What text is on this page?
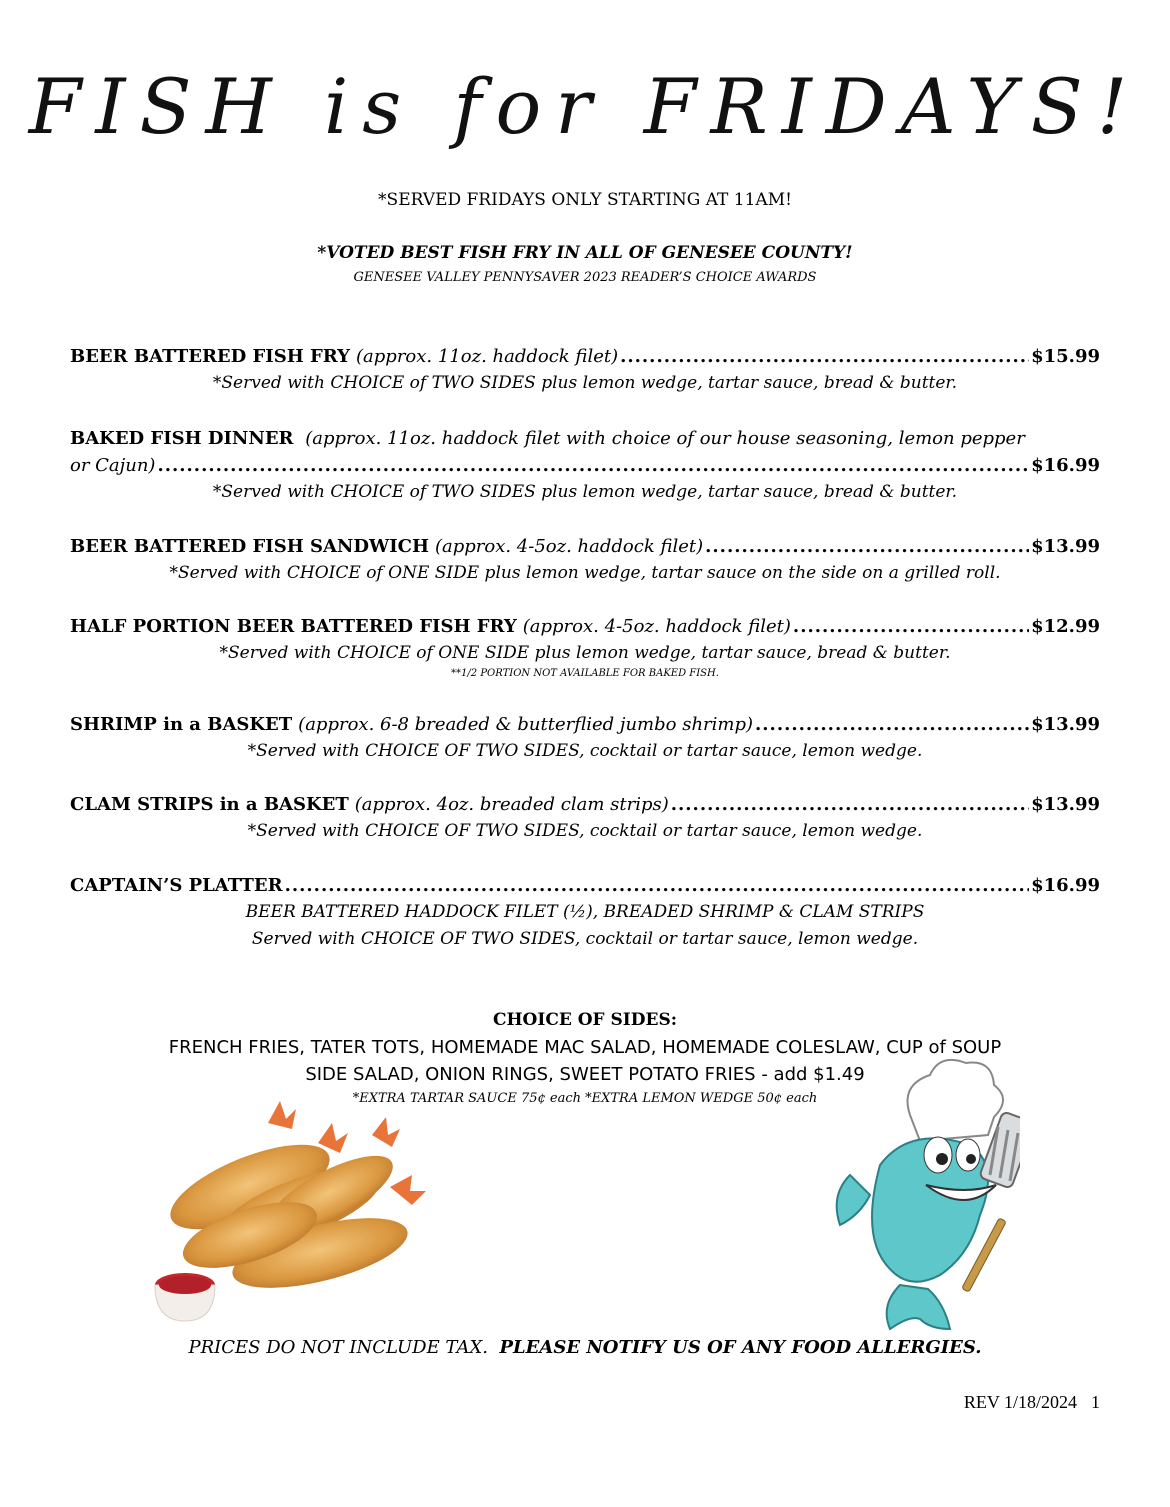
FISH is for FRIDAYS!
*SERVED FRIDAYS ONLY STARTING AT 11AM!
*VOTED BEST FISH FRY IN ALL OF GENESEE COUNTY!
GENESEE VALLEY PENNYSAVER 2023 READER’S CHOICE AWARDS
BEER BATTERED FISH FRY (approx. 11oz. haddock filet) .....	$15.99
*Served with CHOICE of TWO SIDES plus lemon wedge, tartar sauce, bread & butter.
BAKED FISH DINNER (approx. 11oz. haddock filet with choice of our house seasoning, lemon pepper
or Cajun) .....	$16.99
*Served with CHOICE of TWO SIDES plus lemon wedge, tartar sauce, bread & butter.
BEER BATTERED FISH SANDWICH (approx. 4-5oz. haddock filet) .....	$13.99
*Served with CHOICE of ONE SIDE plus lemon wedge, tartar sauce on the side on a grilled roll.
HALF PORTION BEER BATTERED FISH FRY (approx. 4-5oz. haddock filet) .....	$12.99
*Served with CHOICE of ONE SIDE plus lemon wedge, tartar sauce, bread & butter.
**1/2 PORTION NOT AVAILABLE FOR BAKED FISH.
SHRIMP in a BASKET (approx. 6-8 breaded & butterflied jumbo shrimp) .....	$13.99
*Served with CHOICE OF TWO SIDES, cocktail or tartar sauce, lemon wedge.
CLAM STRIPS in a BASKET (approx. 4oz. breaded clam strips) .....	$13.99
*Served with CHOICE OF TWO SIDES, cocktail or tartar sauce, lemon wedge.
CAPTAIN’S PLATTER .....	$16.99
BEER BATTERED HADDOCK FILET (½), BREADED SHRIMP & CLAM STRIPS
Served with CHOICE OF TWO SIDES, cocktail or tartar sauce, lemon wedge.
CHOICE OF SIDES:
FRENCH FRIES, TATER TOTS, HOMEMADE MAC SALAD, HOMEMADE COLESLAW, CUP of SOUP
SIDE SALAD, ONION RINGS, SWEET POTATO FRIES - add $1.49
*EXTRA TARTAR SAUCE 75¢ each *EXTRA LEMON WEDGE 50¢ each
PRICES DO NOT INCLUDE TAX. PLEASE NOTIFY US OF ANY FOOD ALLERGIES.
REV 1/18/2024 1
